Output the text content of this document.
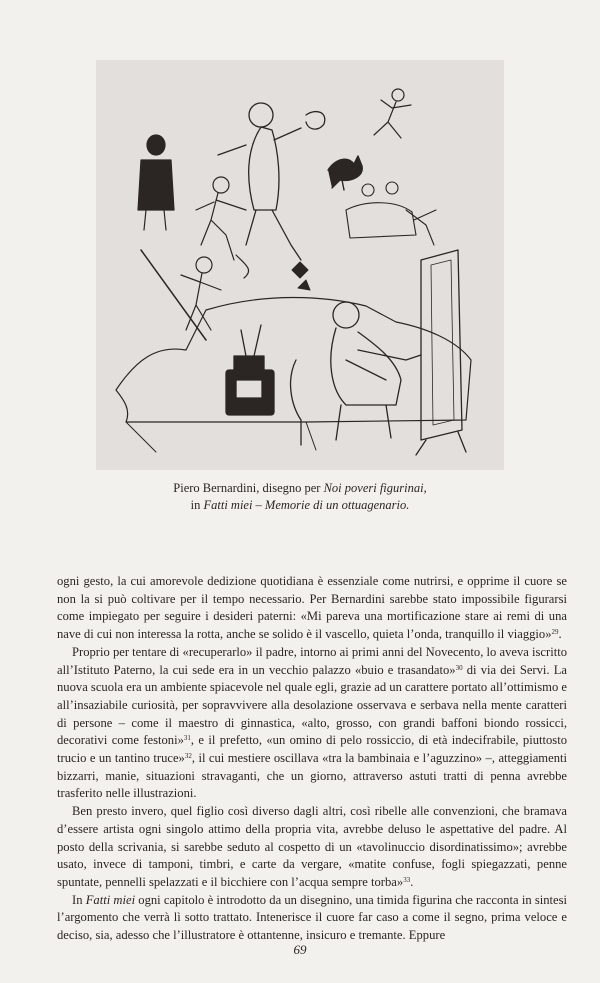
Piero Bernardini, disegno per Noi poveri figurinai,
in Fatti miei – Memorie di un ottuagenario.

ogni gesto, la cui amorevole dedizione quotidiana è essenziale come nutrirsi, e opprime il cuore se non la si può coltivare per il tempo necessario. Per Bernardini sarebbe stato impossibile figurarsi come impiegato per seguire i desideri paterni: «Mi pareva una mortificazione stare ai remi di una nave di cui non interessa la rotta, anche se solido è il vascello, quieta l’onda, tranquillo il viaggio»$^{29}$.

Proprio per tentare di «recuperarlo» il padre, intorno ai primi anni del Novecento, lo aveva iscritto all’Istituto Paterno, la cui sede era in un vecchio palazzo «buio e trasandato»$^{30}$ di via dei Servi. La nuova scuola era un ambiente spiacevole nel quale egli, grazie ad un carattere portato all’ottimismo e all’insaziabile curiosità, per sopravvivere alla desolazione osservava e serbava nella mente caratteri di persone – come il maestro di ginnastica, «alto, grosso, con grandi baffoni biondo rossicci, decorativi come festoni»$^{31}$, e il prefetto, «un omino di pelo rossiccio, di età indecifrabile, piuttosto trucio e un tantino truce»$^{32}$, il cui mestiere oscillava «tra la bambinaia e l’aguzzino» –, atteggiamenti bizzarri, manie, situazioni stravaganti, che un giorno, attraverso astuti tratti di penna avrebbe trasferito nelle illustrazioni.

Ben presto invero, quel figlio così diverso dagli altri, così ribelle alle convenzioni, che bramava d’essere artista ogni singolo attimo della propria vita, avrebbe deluso le aspettative del padre. Al posto della scrivania, si sarebbe seduto al cospetto di un «tavolinuccio disordinatissimo»; avrebbe usato, invece di tamponi, timbri, e carte da vergare, «matite confuse, fogli spiegazzati, penne spuntate, pennelli spelazzati e il bicchiere con l’acqua sempre torba»$^{33}$.

In Fatti miei ogni capitolo è introdotto da un disegnino, una timida figurina che racconta in sintesi l’argomento che verrà lì sotto trattato. Intenerisce il cuore far caso a come il segno, prima veloce e deciso, sia, adesso che l’illustratore è ottantenne, insicuro e tremante. Eppure

69
